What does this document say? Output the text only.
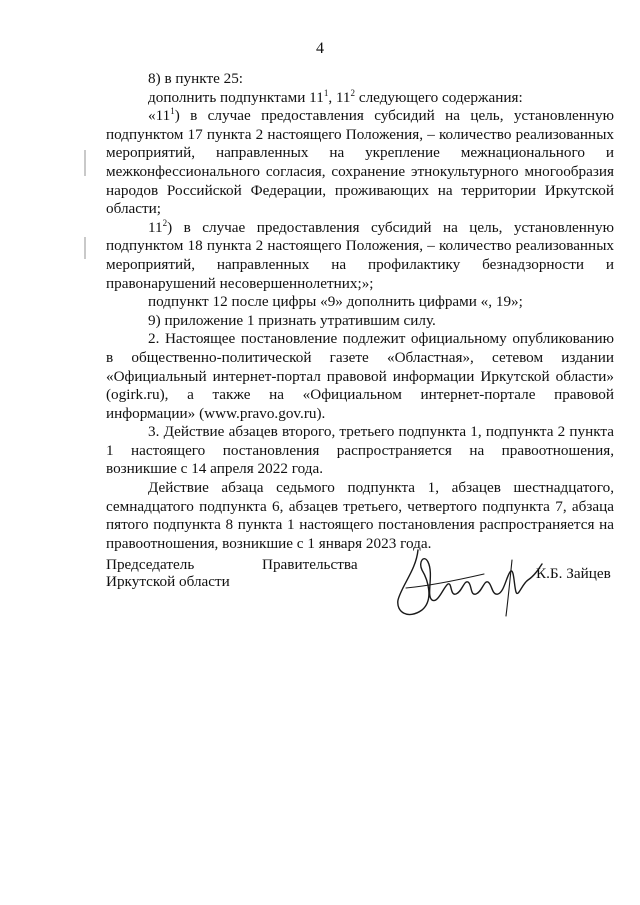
4

8) в пункте 25:

дополнить подпунктами $11^1$, $11^2$ следующего содержания:

«$11^1$) в случае предоставления субсидий на цель, установленную подпунктом 17 пункта 2 настоящего Положения, – количество реализованных мероприятий, направленных на укрепление межнационального и межконфессионального согласия, сохранение этнокультурного многообразия народов Российской Федерации, проживающих на территории Иркутской области;

$11^2$) в случае предоставления субсидий на цель, установленную подпунктом 18 пункта 2 настоящего Положения, – количество реализованных мероприятий, направленных на профилактику безнадзорности и правонарушений несовершеннолетних;»;

подпункт 12 после цифры «9» дополнить цифрами «, 19»;

9) приложение 1 признать утратившим силу.

2. Настоящее постановление подлежит официальному опубликованию в общественно-политической газете «Областная», сетевом издании «Официальный интернет-портал правовой информации Иркутской области» (ogirk.ru), а также на «Официальном интернет-портале правовой информации» (www.pravo.gov.ru).

3. Действие абзацев второго, третьего подпункта 1, подпункта 2 пункта 1 настоящего постановления распространяется на правоотношения, возникшие с 14 апреля 2022 года.

Действие абзаца седьмого подпункта 1, абзацев шестнадцатого, семнадцатого подпункта 6, абзацев третьего, четвертого подпункта 7, абзаца пятого подпункта 8 пункта 1 настоящего постановления распространяется на правоотношения, возникшие с 1 января 2023 года.

Председатель
Иркутской области
Правительства
К.Б. Зайцев
